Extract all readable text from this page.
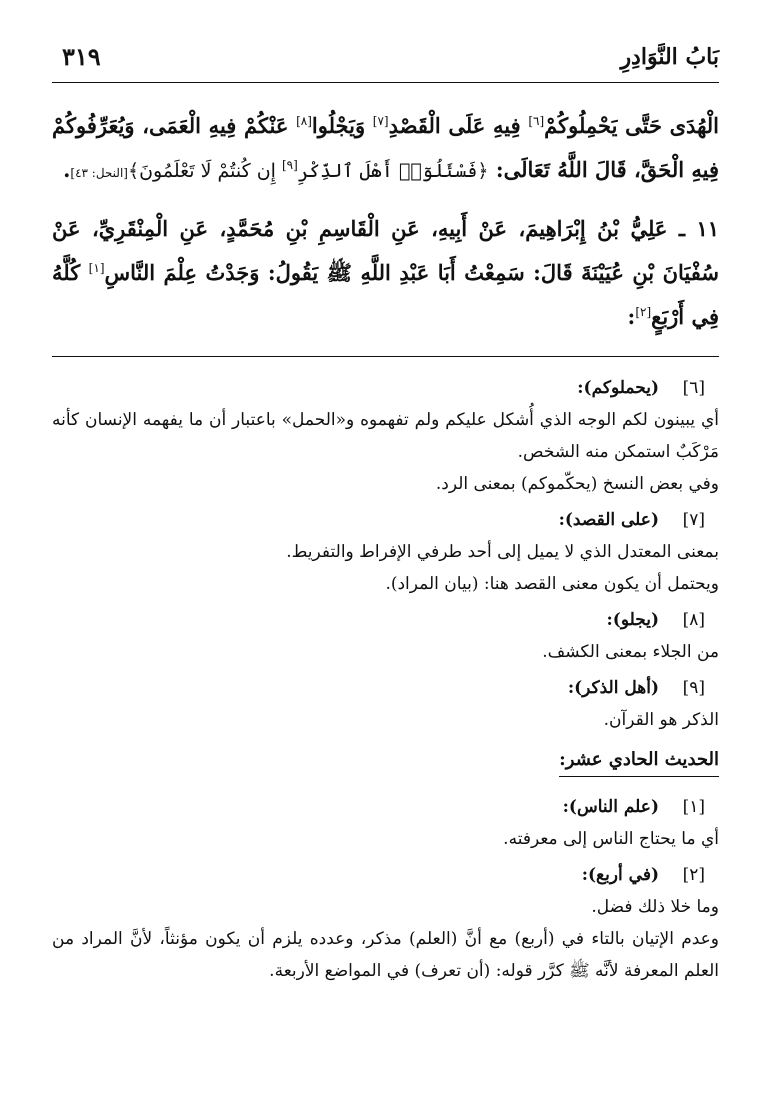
بَابُ النَّوَادِرِ
٣١٩

الْهُدَى حَتَّى يَحْمِلُوكُمْ[٦] فِيهِ عَلَى الْقَصْدِ[٧] وَيَجْلُوا[٨] عَنْكُمْ فِيهِ الْعَمَى، وَيُعَرِّفُوكُمْ فِيهِ الْحَقَّ، قَالَ اللَّهُ تَعَالَى: ﴿فَسْئَلُوٓا۟ أَهْلَ ٱلذِّكْرِ[٩] إِن كُنتُمْ لَا تَعْلَمُونَ﴾[النحل: ٤٣].

١١ ـ عَلِيُّ بْنُ إِبْرَاهِيمَ، عَنْ أَبِيهِ، عَنِ الْقَاسِمِ بْنِ مُحَمَّدٍ، عَنِ الْمِنْقَرِيِّ، عَنْ سُفْيَانَ بْنِ عُيَيْنَةَ قَالَ: سَمِعْتُ أَبَا عَبْدِ اللَّهِ ﷺ يَقُولُ: وَجَدْتُ عِلْمَ النَّاسِ[١] كُلَّهُ فِي أَرْبَعٍ[٢]:

[٦]
(يحملوكم):

أي يبينون لكم الوجه الذي أُشكل عليكم ولم تفهموه و«الحمل» باعتبار أن ما يفهمه الإنسان كأنه مَرْكَبٌ استمكن منه الشخص.

وفي بعض النسخ (يحكّموكم) بمعنى الرد.

[٧]
(على القصد):

بمعنى المعتدل الذي لا يميل إلى أحد طرفي الإفراط والتفريط.

ويحتمل أن يكون معنى القصد هنا: (بيان المراد).

[٨]
(يجلو):

من الجلاء بمعنى الكشف.

[٩]
(أهل الذكر):

الذكر هو القرآن.

الحديث الحادي عشر:
[١]
(علم الناس):

أي ما يحتاج الناس إلى معرفته.

[٢]
(في أربع):

وما خلا ذلك فضل.

وعدم الإتيان بالتاء في (أربع) مع أنَّ (العلم) مذكر، وعدده يلزم أن يكون مؤنثاً، لأنَّ المراد من العلم المعرفة لأنَّه ﷺ كرَّر قوله: (أن تعرف) في المواضع الأربعة.
